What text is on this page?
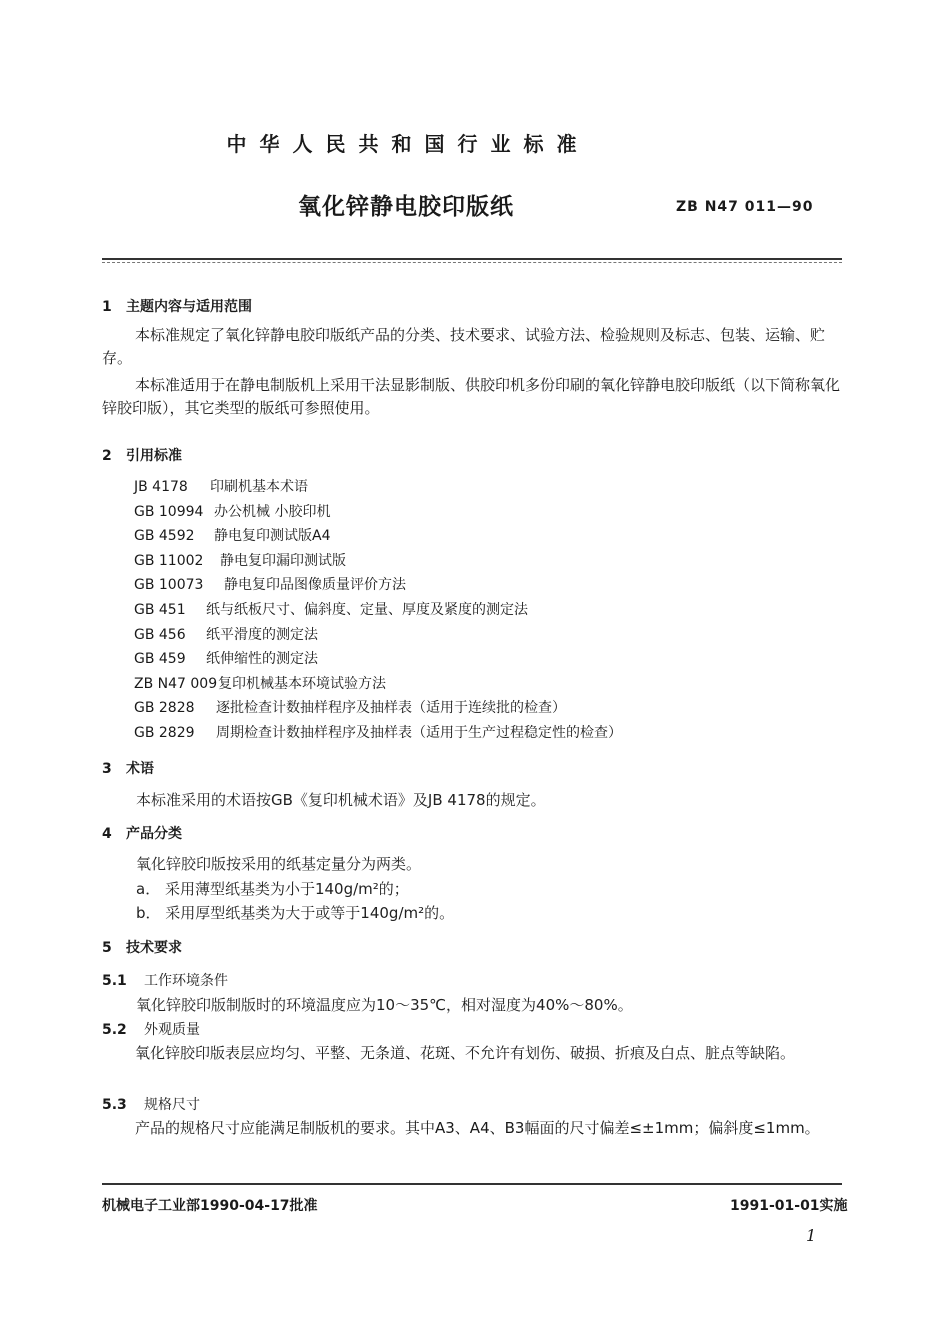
中华人民共和国行业标准
氧化锌静电胶印版纸	ZB N47 011—90
1 主题内容与适用范围
本标准规定了氧化锌静电胶印版纸产品的分类、技术要求、试验方法、检验规则及标志、包装、运输、贮存。
本标准适用于在静电制版机上采用干法显影制版、供胶印机多份印刷的氧化锌静电胶印版纸（以下简称氧化锌胶印版），其它类型的版纸可参照使用。
2 引用标准
JB 4178 印刷机基本术语
GB 10994 办公机械 小胶印机
GB 4592 静电复印测试版A4
GB 11002 静电复印漏印测试版
GB 10073 静电复印品图像质量评价方法
GB 451 纸与纸板尺寸、偏斜度、定量、厚度及紧度的测定法
GB 456 纸平滑度的测定法
GB 459 纸伸缩性的测定法
ZB N47 009复印机械基本环境试验方法
GB 2828 逐批检查计数抽样程序及抽样表（适用于连续批的检查）
GB 2829 周期检查计数抽样程序及抽样表（适用于生产过程稳定性的检查）
3 术语
本标准采用的术语按GB《复印机械术语》及JB 4178的规定。
4 产品分类
氧化锌胶印版按采用的纸基定量分为两类。
a． 采用薄型纸基类为小于140g/m²的；
b． 采用厚型纸基类为大于或等于140g/m²的。
5 技术要求
5.1 工作环境条件
氧化锌胶印版制版时的环境温度应为10～35℃，相对湿度为40%～80%。
5.2 外观质量
氧化锌胶印版表层应均匀、平整、无条道、花斑、不允许有划伤、破损、折痕及白点、脏点等缺陷。
5.3 规格尺寸
产品的规格尺寸应能满足制版机的要求。其中A3、A4、B3幅面的尺寸偏差≤±1mm；偏斜度≤1mm。
机械电子工业部1990-04-17批准	1991-01-01实施
1
